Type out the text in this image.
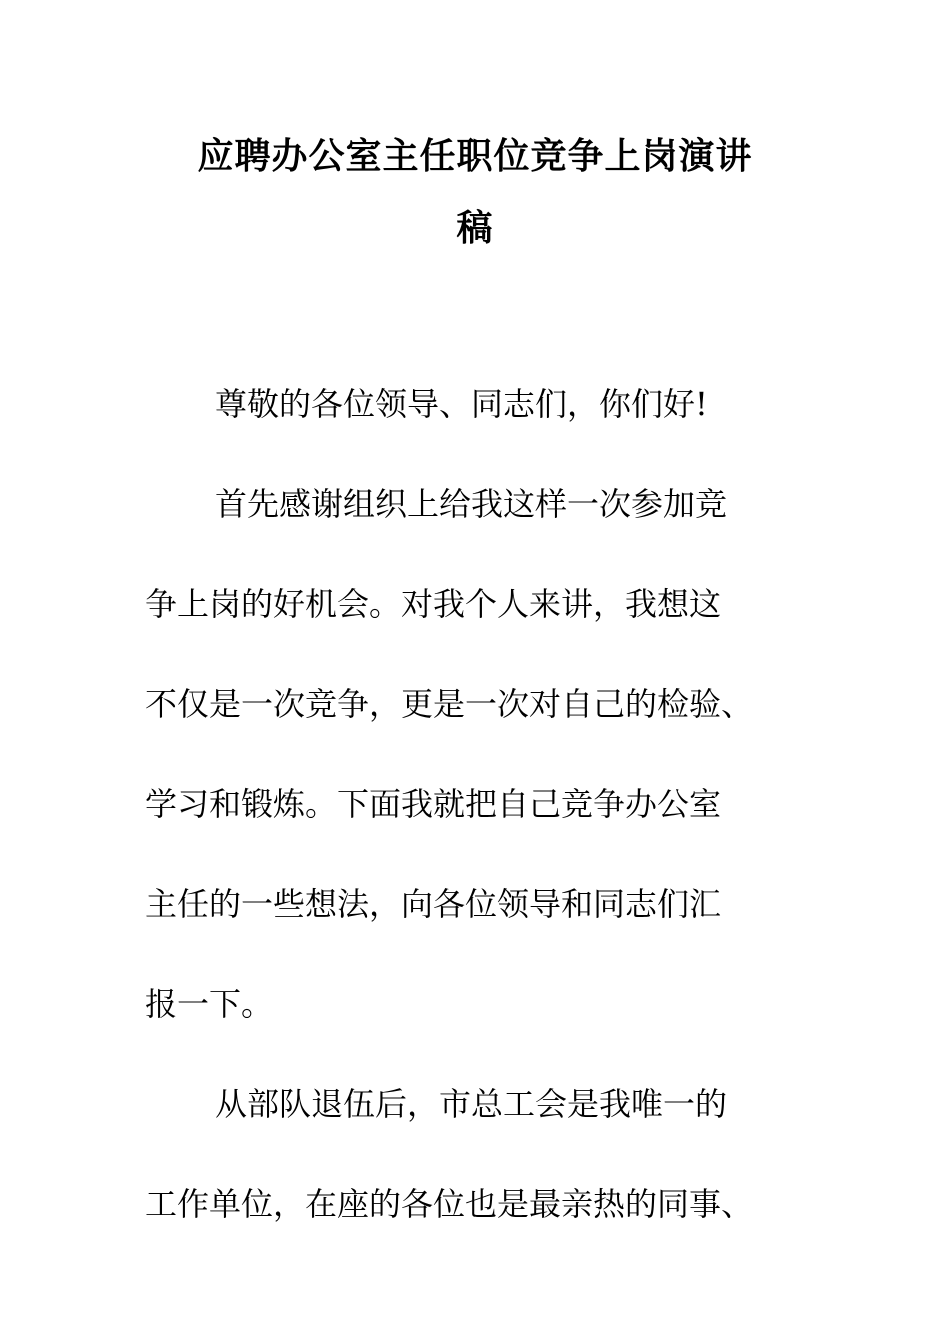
应聘办公室主任职位竞争上岗演讲
稿
尊敬的各位领导、同志们，你们好!
首先感谢组织上给我这样一次参加竞
争上岗的好机会。对我个人来讲，我想这
不仅是一次竞争，更是一次对自己的检验、
学习和锻炼。下面我就把自己竞争办公室
主任的一些想法，向各位领导和同志们汇
报一下。
从部队退伍后，市总工会是我唯一的
工作单位，在座的各位也是最亲热的同事、
